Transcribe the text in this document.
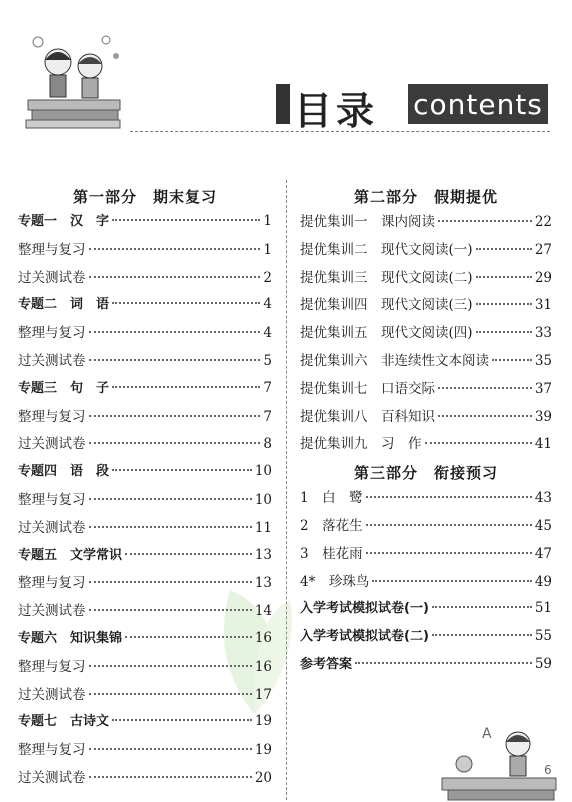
目录 contents
第一部分　期末复习
专题一　汉　字	1
整理与复习	1
过关测试卷	2
专题二　词　语	4
整理与复习	4
过关测试卷	5
专题三　句　子	7
整理与复习	7
过关测试卷	8
专题四　语　段	10
整理与复习	10
过关测试卷	11
专题五　文学常识	13
整理与复习	13
过关测试卷	14
专题六　知识集锦	16
整理与复习	16
过关测试卷	17
专题七　古诗文	19
整理与复习	19
过关测试卷	20
第二部分　假期提优
提优集训一　课内阅读	22
提优集训二　现代文阅读(一)	27
提优集训三　现代文阅读(二)	29
提优集训四　现代文阅读(三)	31
提优集训五　现代文阅读(四)	33
提优集训六　非连续性文本阅读	35
提优集训七　口语交际	37
提优集训八　百科知识	39
提优集训九　习　作	41
第三部分　衔接预习
1　白　鹭	43
2　落花生	45
3　桂花雨	47
4*　珍珠鸟	49
入学考试模拟试卷(一)	51
入学考试模拟试卷(二)	55
参考答案	59
A
6
